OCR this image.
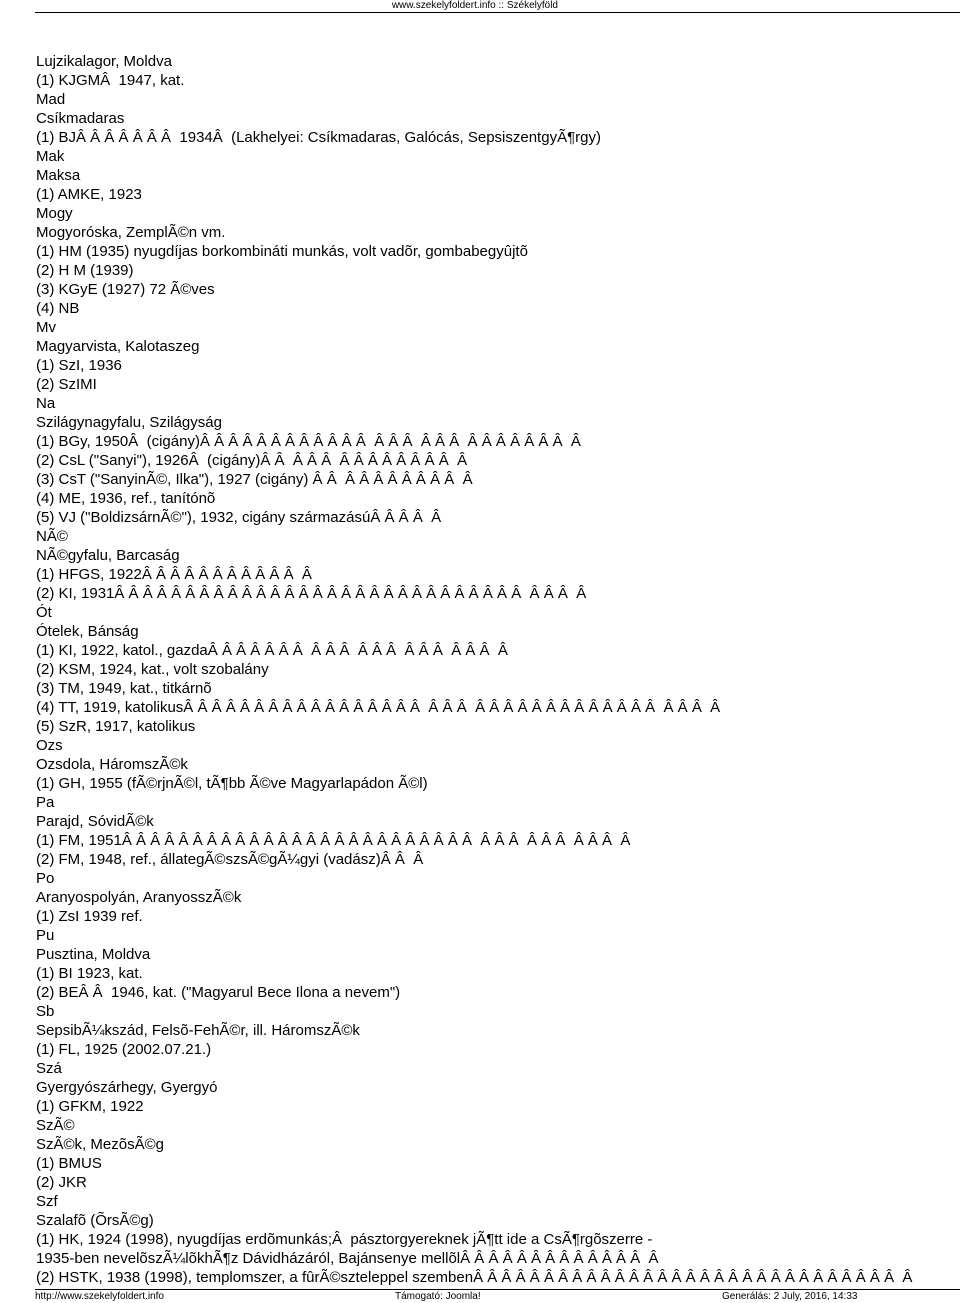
www.szekelyfoldert.info :: Székelyföld
Lujzikalagor, Moldva
(1) KJGMÂ  1947, kat.
Mad
Csíkmadaras
(1) BJÂ Â Â Â Â Â Â  1934Â  (Lakhelyei: Csíkmadaras, Galócás, SepsiszentgyÃ¶rgy)
Mak
Maksa
(1) AMKE, 1923
Mogy
Mogyoróska, ZemplÃ©n vm.
(1) HM (1935) nyugdíjas borkombináti munkás, volt vadõr, gombabegyûjtõ
(2) H M (1939)
(3) KGyE (1927) 72 Ã©ves
(4) NB
Mv
Magyarvista, Kalotaszeg
(1) SzI, 1936
(2) SzIMI
Na
Szilágynagyfalu, Szilágyság
(1) BGy, 1950Â  (cigány)Â Â Â Â Â Â Â Â Â Â Â Â  Â Â Â  Â Â Â  Â Â Â Â Â Â Â  Â
(2) CsL ("Sanyi"), 1926Â  (cigány)Â Â  Â Â Â  Â Â Â Â Â Â Â Â  Â
(3) CsT ("SanyinÃ©, Ilka"), 1927 (cigány) Â Â  Â Â Â Â Â Â Â Â  Â
(4) ME, 1936, ref., tanítónõ
(5) VJ ("BoldizsárnÃ©"), 1932, cigány származásúÂ Â Â Â  Â
NÃ©
NÃ©gyfalu, Barcaság
(1) HFGS, 1922Â Â Â Â Â Â Â Â Â Â Â  Â
(2) KI, 1931Â Â Â Â Â Â Â Â Â Â Â Â Â Â Â Â Â Â Â Â Â Â Â Â Â Â Â Â Â  Â Â Â  Â
Ót
Ótelek, Bánság
(1) KI, 1922, katol., gazdaÂ Â Â Â Â Â Â  Â Â Â  Â Â Â  Â Â Â  Â Â Â  Â
(2) KSM, 1924, kat., volt szobalány
(3) TM, 1949, kat., titkárnõ
(4) TT, 1919, katolikusÂ Â Â Â Â Â Â Â Â Â Â Â Â Â Â Â Â  Â Â Â  Â Â Â Â Â Â Â Â Â Â Â Â Â  Â Â Â  Â
(5) SzR, 1917, katolikus
Ozs
Ozsdola, HáromszÃ©k
(1) GH, 1955 (fÃ©rjnÃ©l, tÃ¶bb Ã©ve Magyarlapádon Ã©l)
Pa
Parajd, SóvidÃ©k
(1) FM, 1951Â Â Â Â Â Â Â Â Â Â Â Â Â Â Â Â Â Â Â Â Â Â Â Â Â  Â Â Â  Â Â Â  Â Â Â  Â
(2) FM, 1948, ref., állategÃ©szsÃ©gÃ¼gyi (vadász)Â Â  Â
Po
Aranyospolyán, AranyosszÃ©k
(1) ZsI 1939 ref.
Pu
Pusztina, Moldva
(1) BI 1923, kat.
(2) BEÂ Â  1946, kat. ("Magyarul Bece Ilona a nevem")
Sb
SepsibÃ¼kszád, Felsõ-FehÃ©r, ill. HáromszÃ©k
(1) FL, 1925 (2002.07.21.)
Szá
Gyergyószárhegy, Gyergyó
(1) GFKM, 1922
SzÃ©
SzÃ©k, MezõsÃ©g
(1) BMUS
(2) JKR
Szf
Szalafõ (ÕrsÃ©g)
(1) HK, 1924 (1998), nyugdíjas erdõmunkás;Â  pásztorgyereknek jÃ¶tt ide a CsÃ¶rgõszerre -
1935-ben nevelõszÃ¼lõkhÃ¶z Dávidházáról, Bajánsenye mellõlÂ Â Â Â Â Â Â Â Â Â Â Â Â  Â
(2) HSTK, 1938 (1998), templomszer, a fûrÃ©szteleppel szembenÂ Â Â Â Â Â Â Â Â Â Â Â Â Â Â Â Â Â Â Â Â Â Â Â Â Â Â Â Â Â  Â
http://www.szekelyfoldert.info	Támogató: Joomla!	Generálás: 2 July, 2016, 14:33
